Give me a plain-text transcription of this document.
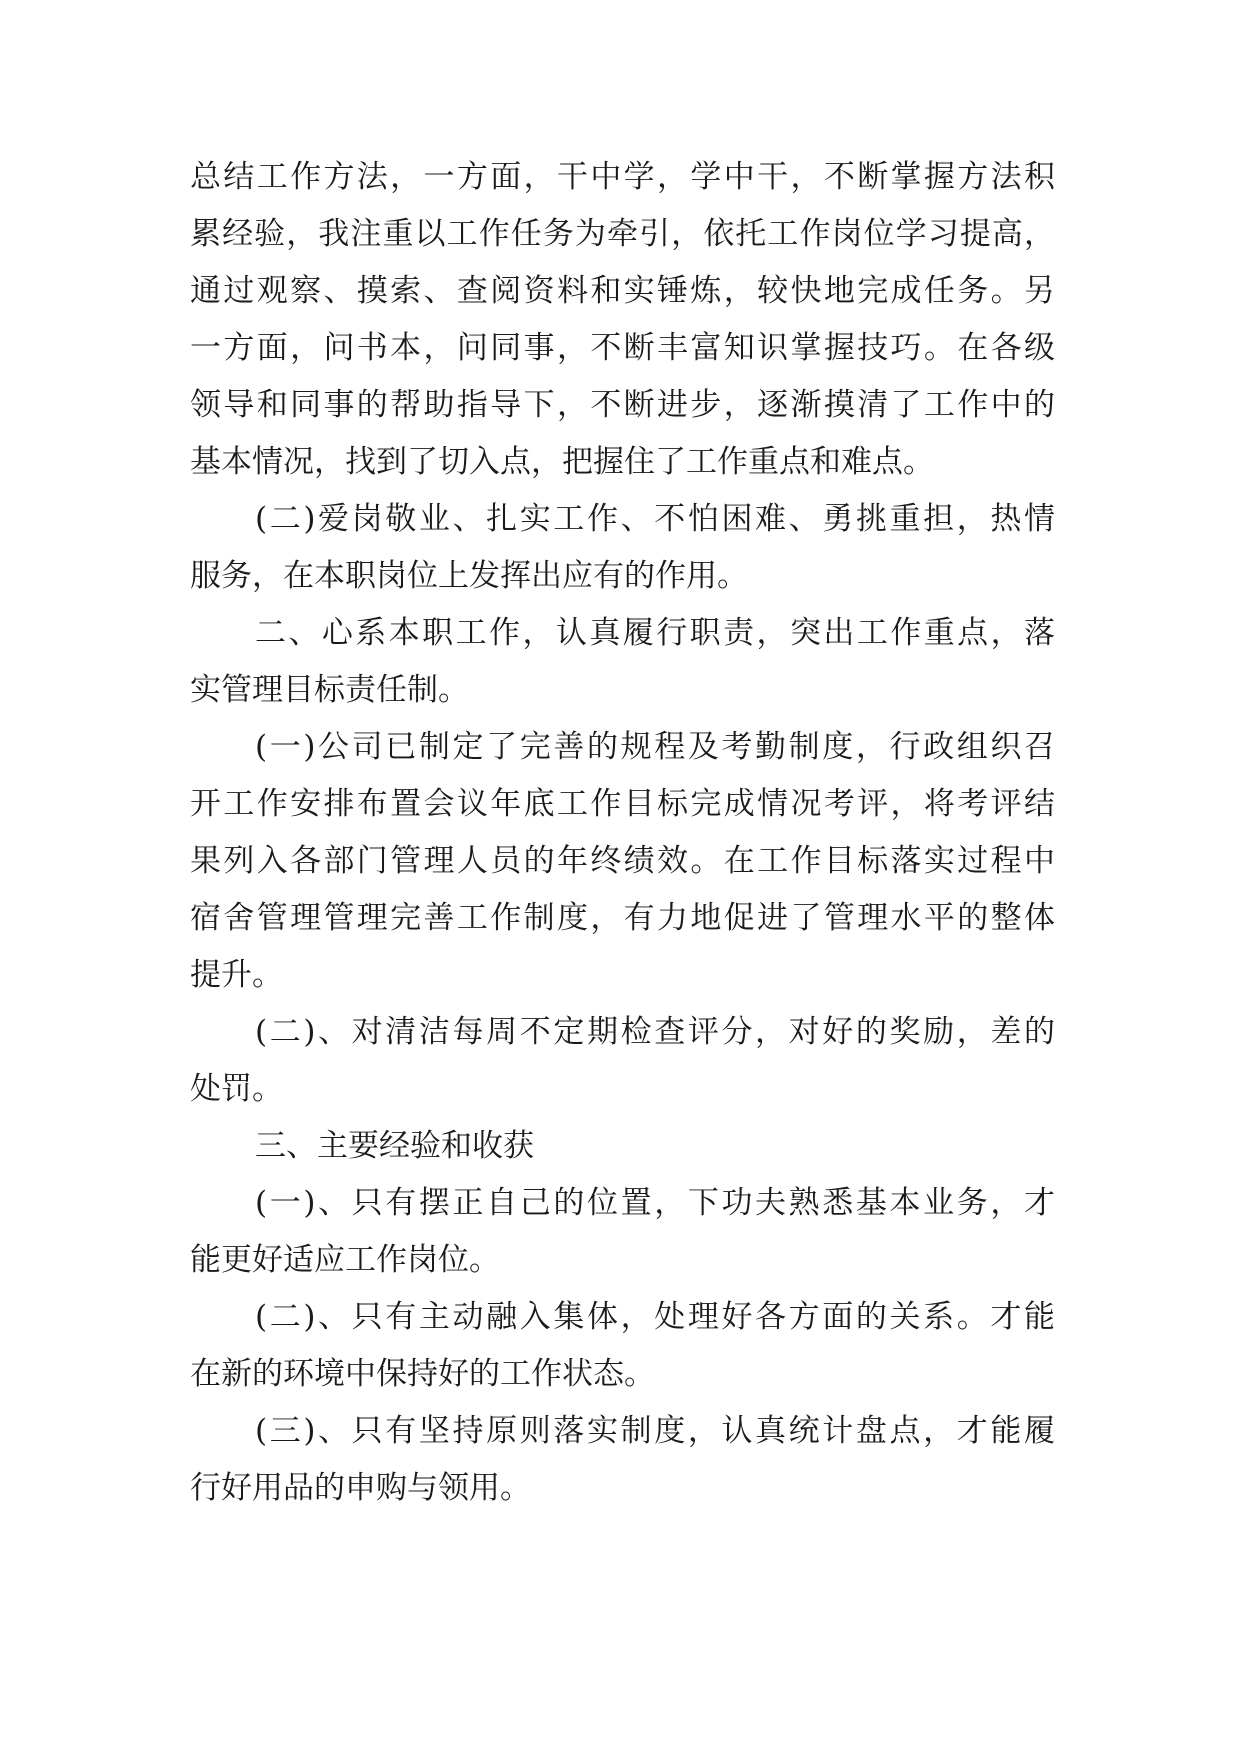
总结工作方法，一方面，干中学，学中干，不断掌握方法积
累经验，我注重以工作任务为牵引，依托工作岗位学习提高，
通过观察、摸索、查阅资料和实锤炼，较快地完成任务。另
一方面，问书本，问同事，不断丰富知识掌握技巧。在各级
领导和同事的帮助指导下，不断进步，逐渐摸清了工作中的
基本情况，找到了切入点，把握住了工作重点和难点。
(二)爱岗敬业、扎实工作、不怕困难、勇挑重担，热情
服务，在本职岗位上发挥出应有的作用。
二、心系本职工作，认真履行职责，突出工作重点，落
实管理目标责任制。
(一)公司已制定了完善的规程及考勤制度，行政组织召
开工作安排布置会议年底工作目标完成情况考评，将考评结
果列入各部门管理人员的年终绩效。在工作目标落实过程中
宿舍管理管理完善工作制度，有力地促进了管理水平的整体
提升。
(二)、对清洁每周不定期检查评分，对好的奖励，差的
处罚。
三、主要经验和收获
(一)、只有摆正自己的位置，下功夫熟悉基本业务，才
能更好适应工作岗位。
(二)、只有主动融入集体，处理好各方面的关系。才能
在新的环境中保持好的工作状态。
(三)、只有坚持原则落实制度，认真统计盘点，才能履
行好用品的申购与领用。
